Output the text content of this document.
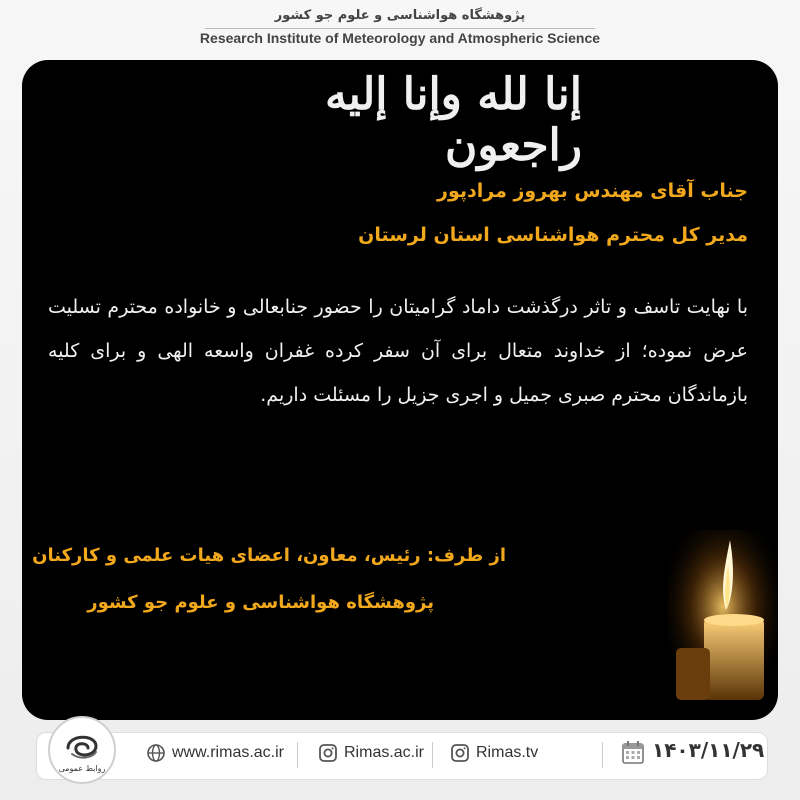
پژوهشگاه هواشناسی و علوم جو کشور
Research Institute of Meteorology and Atmospheric Science
إنا لله وإنا إليه راجعون
جناب آقای مهندس بهروز مرادپور
مدیر کل محترم هواشناسی استان لرستان
با نهایت تاسف و تاثر درگذشت داماد گرامیتان را حضور جنابعالی و خانواده محترم تسلیت عرض نموده؛ از خداوند متعال برای آن سفر کرده غفران واسعه الهی و برای کلیه بازماندگان محترم صبری جمیل و اجری جزیل را مسئلت داریم.
از طرف: رئیس، معاون، اعضای هیات علمی و کارکنان
پژوهشگاه هواشناسی و علوم جو کشور
روابط عمومی
www.rimas.ac.ir	Rimas.ac.ir	Rimas.tv	۱۴۰۳/۱۱/۲۹
